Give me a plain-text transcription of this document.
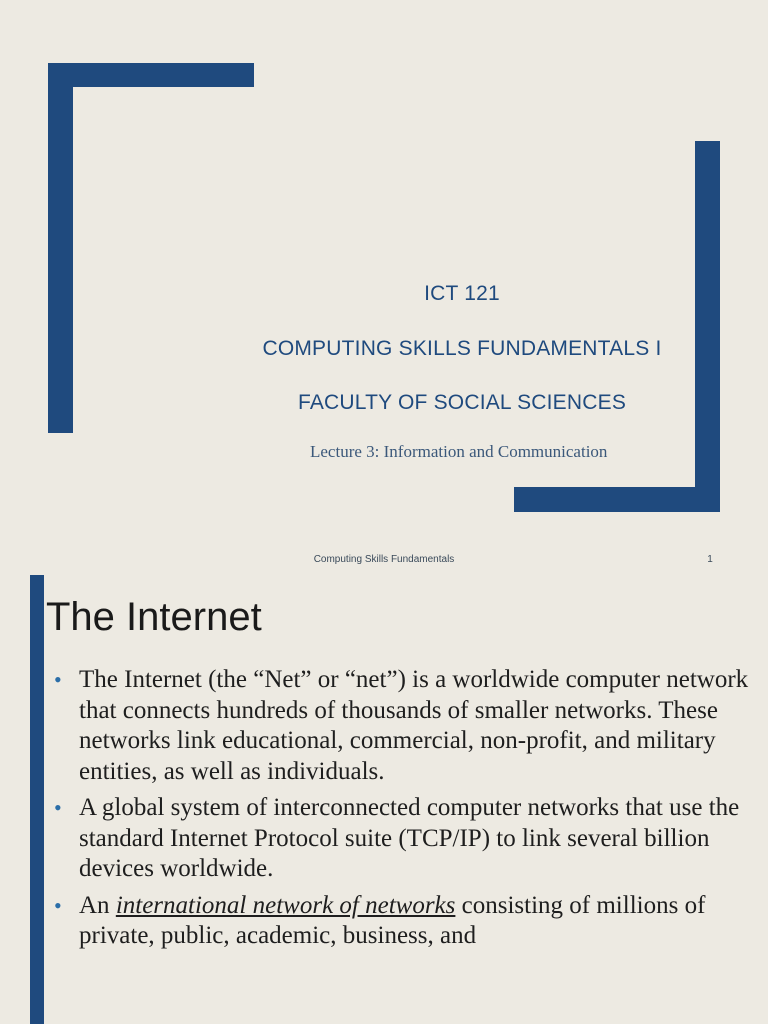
ICT 121
COMPUTING SKILLS FUNDAMENTALS I
FACULTY OF SOCIAL SCIENCES
Lecture 3: Information and Communication
Computing Skills Fundamentals	1
The Internet
• The Internet (the “Net” or “net”) is a worldwide computer network that connects hundreds of thousands of smaller networks. These networks link educational, commercial, non-profit, and military entities, as well as individuals.
• A global system of interconnected computer networks that use the standard Internet Protocol suite (TCP/IP) to link several billion devices worldwide.
• An international network of networks consisting of millions of private, public, academic, business, and
